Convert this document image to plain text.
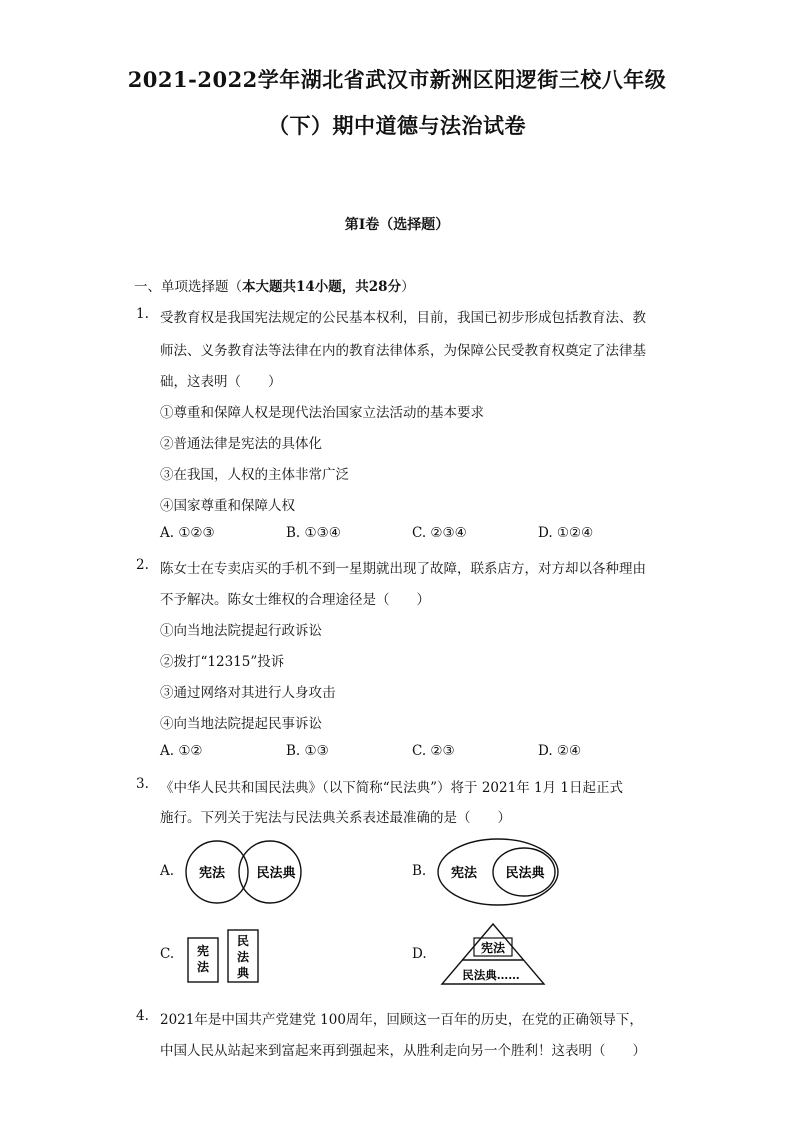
2021-2022学年湖北省武汉市新洲区阳逻街三校八年级
（下）期中道德与法治试卷
第I卷（选择题）
一、单项选择题（本大题共14小题，共28分）
1. 受教育权是我国宪法规定的公民基本权利，目前，我国已初步形成包括教育法、教
师法、义务教育法等法律在内的教育法律体系，为保障公民受教育权奠定了法律基
础，这表明（　　）
①尊重和保障人权是现代法治国家立法活动的基本要求
②普通法律是宪法的具体化
③在我国，人权的主体非常广泛
④国家尊重和保障人权
A. ①②③	B. ①③④	C. ②③④	D. ①②④
2. 陈女士在专卖店买的手机不到一星期就出现了故障，联系店方，对方却以各种理由
不予解决。陈女士维权的合理途径是（　　）
①向当地法院提起行政诉讼
②拨打“12315”投诉
③通过网络对其进行人身攻击
④向当地法院提起民事诉讼
A. ①②	B. ①③	C. ②③	D. ②④
3. 《中华人民共和国民法典》（以下简称“民法典”）将于 2021年 1月 1日起正式
施行。下列关于宪法与民法典关系表述最准确的是（　　）
A.	B.
C.	D.
宪法 民法典	宪法 民法典
宪
法
民
法
典
宪法
民法典……
4. 2021年是中国共产党建党 100周年，回顾这一百年的历史，在党的正确领导下，
中国人民从站起来到富起来再到强起来，从胜利走向另一个胜利！这表明（　　）
